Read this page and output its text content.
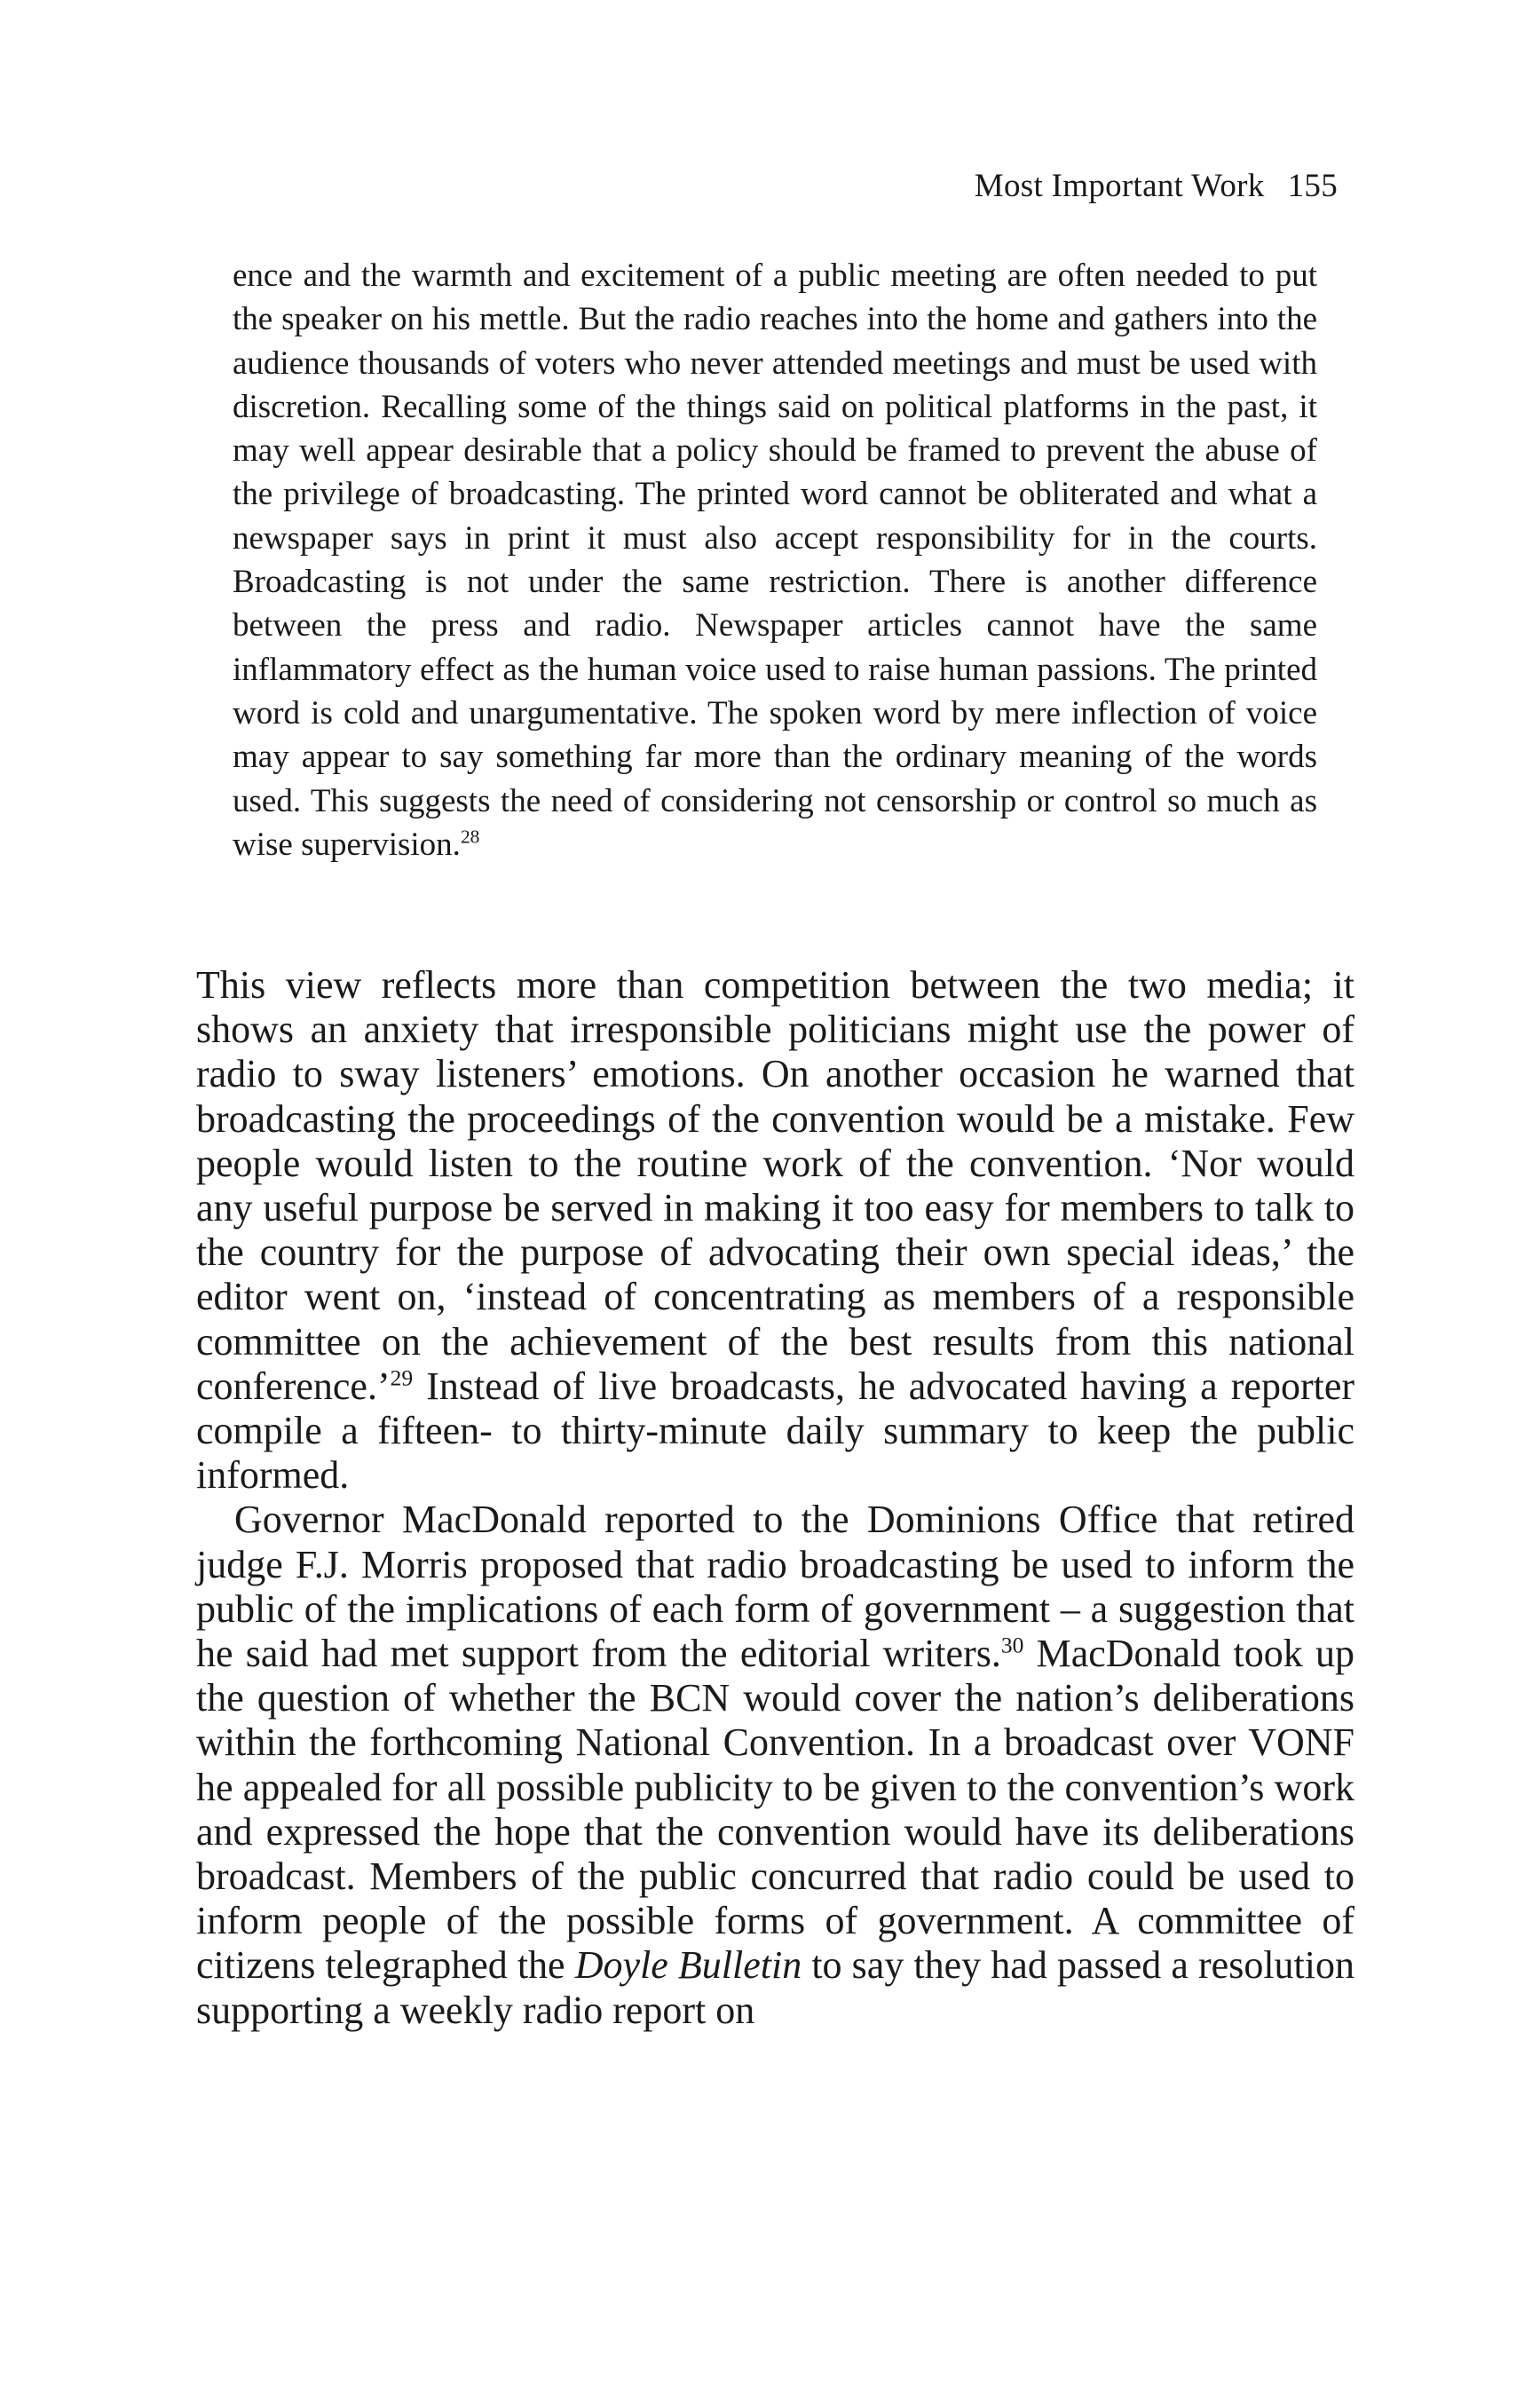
Most Important Work 155

ence and the warmth and excitement of a public meeting are often needed to put the speaker on his mettle. But the radio reaches into the home and gathers into the audience thousands of voters who never attended meetings and must be used with discretion. Recalling some of the things said on political platforms in the past, it may well appear desirable that a policy should be framed to prevent the abuse of the privilege of broadcasting. The printed word cannot be obliterated and what a newspaper says in print it must also accept responsibility for in the courts. Broadcasting is not under the same restriction. There is another difference between the press and radio. Newspaper articles cannot have the same inflammatory effect as the human voice used to raise human passions. The printed word is cold and unargumentative. The spoken word by mere inflection of voice may appear to say something far more than the ordinary meaning of the words used. This suggests the need of considering not censorship or control so much as wise supervision.$^{28}$

This view reflects more than competition between the two media; it shows an anxiety that irresponsible politicians might use the power of radio to sway listeners’ emotions. On another occasion he warned that broadcasting the proceedings of the convention would be a mistake. Few people would listen to the routine work of the convention. ‘Nor would any useful purpose be served in making it too easy for members to talk to the country for the purpose of advocating their own special ideas,’ the editor went on, ‘instead of concentrating as members of a responsible committee on the achievement of the best results from this national conference.’$^{29}$ Instead of live broadcasts, he advocated having a reporter compile a fifteen- to thirty-minute daily summary to keep the public informed.

Governor MacDonald reported to the Dominions Office that retired judge F.J. Morris proposed that radio broadcasting be used to inform the public of the implications of each form of government – a suggestion that he said had met support from the editorial writers.$^{30}$ MacDonald took up the question of whether the BCN would cover the nation’s deliberations within the forthcoming National Convention. In a broadcast over VONF he appealed for all possible publicity to be given to the convention’s work and expressed the hope that the convention would have its deliberations broadcast. Members of the public concurred that radio could be used to inform people of the possible forms of government. A committee of citizens telegraphed the Doyle Bulletin to say they had passed a resolution supporting a weekly radio report on
